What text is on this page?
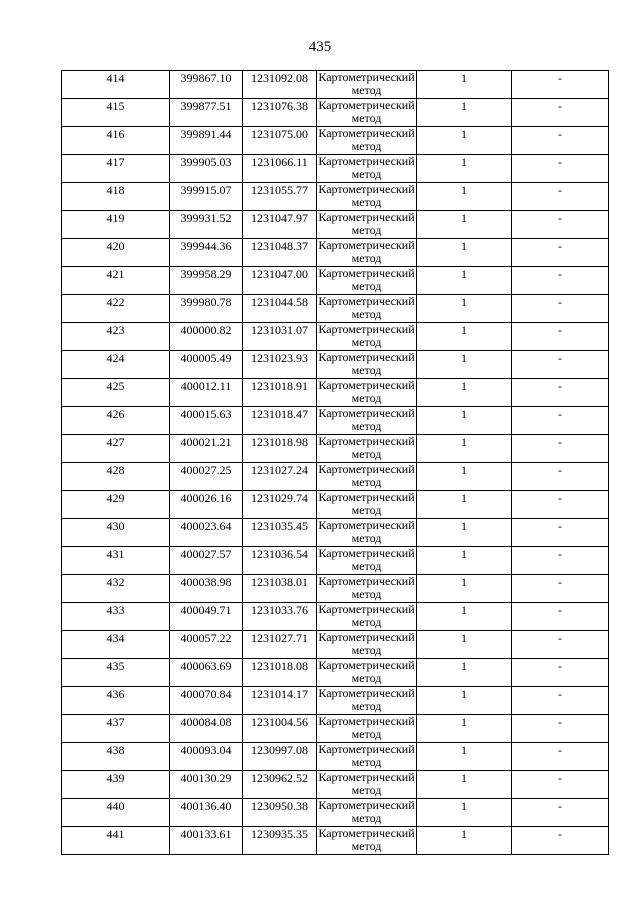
435
414	399867.10	1231092.08	Картометрический метод	1	-
415	399877.51	1231076.38	Картометрический метод	1	-
416	399891.44	1231075.00	Картометрический метод	1	-
417	399905.03	1231066.11	Картометрический метод	1	-
418	399915.07	1231055.77	Картометрический метод	1	-
419	399931.52	1231047.97	Картометрический метод	1	-
420	399944.36	1231048.37	Картометрический метод	1	-
421	399958.29	1231047.00	Картометрический метод	1	-
422	399980.78	1231044.58	Картометрический метод	1	-
423	400000.82	1231031.07	Картометрический метод	1	-
424	400005.49	1231023.93	Картометрический метод	1	-
425	400012.11	1231018.91	Картометрический метод	1	-
426	400015.63	1231018.47	Картометрический метод	1	-
427	400021.21	1231018.98	Картометрический метод	1	-
428	400027.25	1231027.24	Картометрический метод	1	-
429	400026.16	1231029.74	Картометрический метод	1	-
430	400023.64	1231035.45	Картометрический метод	1	-
431	400027.57	1231036.54	Картометрический метод	1	-
432	400038.98	1231038.01	Картометрический метод	1	-
433	400049.71	1231033.76	Картометрический метод	1	-
434	400057.22	1231027.71	Картометрический метод	1	-
435	400063.69	1231018.08	Картометрический метод	1	-
436	400070.84	1231014.17	Картометрический метод	1	-
437	400084.08	1231004.56	Картометрический метод	1	-
438	400093.04	1230997.08	Картометрический метод	1	-
439	400130.29	1230962.52	Картометрический метод	1	-
440	400136.40	1230950.38	Картометрический метод	1	-
441	400133.61	1230935.35	Картометрический метод	1	-
